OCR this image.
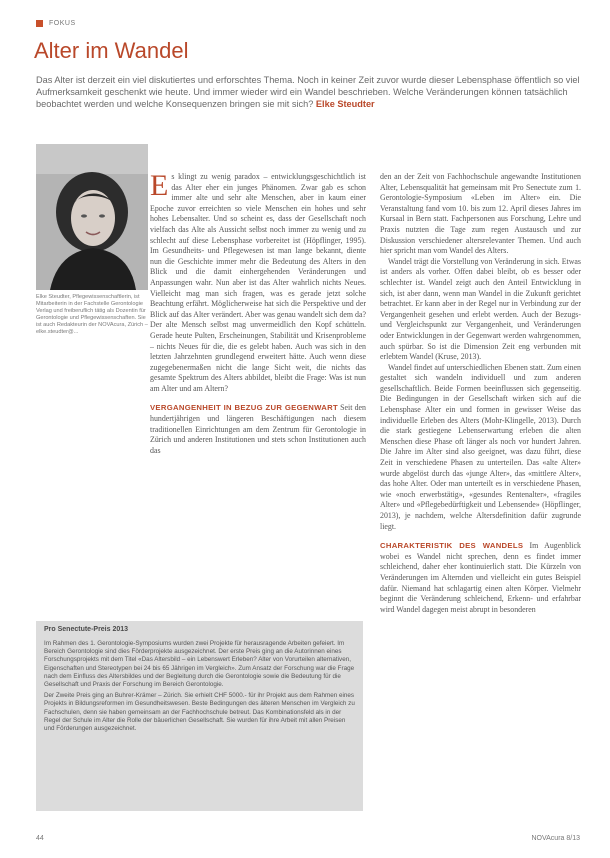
FOKUS
Alter im Wandel
Das Alter ist derzeit ein viel diskutiertes und erforschtes Thema. Noch in keiner Zeit zuvor wurde dieser Lebensphase öffentlich so viel Aufmerksamkeit geschenkt wie heute. Und immer wieder wird ein Wandel beschrieben. Welche Veränderungen können tatsächlich beobachtet werden und welche Konsequenzen bringen sie mit sich? Elke Steudter
Elke Steudter, Pflegewissenschaftlerin, ist Mitarbeiterin in der Fachstelle Gerontologie Verlag und freiberuflich tätig als Dozentin für Gerontologie und Pflegewissenschaften. Sie ist auch Redakteurin der NOVAcura, Zürich – elke.steudter@...

Es klingt zu wenig paradox – entwicklungsgeschichtlich ist das Alter eher ein junges Phänomen. Zwar gab es schon immer alte und sehr alte Menschen, aber in kaum einer Epoche zuvor erreichten so viele Menschen ein hohes und sehr hohes Lebensalter. Und so scheint es, dass der Gesellschaft noch vielfach das Alte als Aussicht selbst noch immer zu wenig und zu schlecht auf diese Lebensphase vorbereitet ist (Höpflinger, 1995). Im Gesundheits- und Pflegewesen ist man lange bekannt, diente nun die Geschichte immer mehr die Bedeutung des Alters in den Blick und die damit einhergehenden Veränderungen und Anpassungen wahr. Nun aber ist das Alter wahrlich nichts Neues. Vielleicht mag man sich fragen, was es gerade jetzt solche Beachtung erfährt. Möglicherweise hat sich die Perspektive und der Blick auf das Alter verändert. Aber was genau wandelt sich dem da? Der alte Mensch selbst mag unvermeidlich den Kopf schütteln. Gerade heute Pulten, Erscheinungen, Stabilität und Krisenprobleme – nichts Neues für die, die es gelebt haben. Auch was sich in den letzten Jahrzehnten grundlegend erweitert hätte. Auch wenn diese zugegebenermaßen nicht die lange Sicht weit, die nichts das gesamte Spektrum des Alters abbildet, bleibt die Frage: Was ist nun am Alter und am Altern?

VERGANGENHEIT IN BEZUG ZUR GEGENWART Seit den hundertjährigen und längeren Beschäftigungen nach diesem traditionellen Einrichtungen am dem Zentrum für Gerontologie in Zürich und anderen Institutionen und stets schon Institutionen auch das

den an der Zeit von Fachhochschule angewandte Institutionen Alter, Lebensqualität hat gemeinsam mit Pro Senectute zum 1. Gerontologie-Symposium «Leben im Alter» ein. Die Veranstaltung fand vom 10. bis zum 12. April dieses Jahres im Kursaal in Bern statt. Fachpersonen aus Forschung, Lehre und Praxis nutzten die Tage zum regen Austausch und zur Diskussion verschiedener altersrelevanter Themen. Und auch hier spricht man vom Wandel des Alters.

Wandel trägt die Vorstellung von Veränderung in sich. Etwas ist anders als vorher. Offen dabei bleibt, ob es besser oder schlechter ist. Wandel zeigt auch den Anteil Entwicklung in sich, ist aber dann, wenn man Wandel in die Zukunft gerichtet betrachtet. Er kann aber in der Regel nur in Verbindung zur der Vergangenheit gesehen und erlebt werden. Auch der Bezugs- und Vergleichspunkt zur Vergangenheit, und Veränderungen oder Entwicklungen in der Gegenwart werden wahrgenommen, auch spürbar. So ist die Dimension Zeit eng verbunden mit erlebtem Wandel (Kruse, 2013).

Wandel findet auf unterschiedlichen Ebenen statt. Zum einen gestaltet sich wandeln individuell und zum anderen gesellschaftlich. Beide Formen beeinflussen sich gegenseitig. Die Bedingungen in der Gesellschaft wirken sich auf die Lebensphase Alter ein und formen in gewisser Weise das individuelle Erleben des Alters (Mohr-Klingelle, 2013). Durch die stark gestiegene Lebenserwartung erleben die alten Menschen diese Phase oft länger als noch vor hundert Jahren. Die Jahre im Alter sind also geeignet, was dazu führt, diese Zeit in verschiedene Phasen zu unterteilen. Das «alte Alter» wurde abgelöst durch das «junge Alter», das «mittlere Alter», das hohe Alter. Oder man unterteilt es in verschiedene Phasen, wie «noch erwerbstätig», «gesundes Rentenalter», «fragiles Alter» und «Pflegebedürftigkeit und Lebensende» (Höpflinger, 2013), je nachdem, welche Altersdefinition dafür zugrunde liegt.

CHARAKTERISTIK DES WANDELS Im Augenblick wobei es Wandel nicht sprechen, denn es findet immer schleichend, daher eher kontinuierlich statt. Die Kürzeln von Veränderungen im Alternden und vielleicht ein gutes Beispiel dafür. Niemand hat schlagartig einen alten Körper. Vielmehr beginnt die Veränderung schleichend, Erkenn- und erfahrbar wird Wandel dagegen meist abrupt in besonderen

Pro Senectute-Preis 2013

Im Rahmen des 1. Gerontologie-Symposiums wurden zwei Projekte für herausragende Arbeiten gefeiert. Im Bereich Gerontologie sind dies Förderprojekte ausgezeichnet. Der erste Preis ging an die Autorinnen eines Forschungsprojekts mit dem Titel «Das Altersbild – ein Lebenswert Erleben? Alter von Vorurteilen alternativen, Eigenschaften und Stereotypen bei 24 bis 65 Jährigen im Vergleich». Zum Ansatz der Forschung war die Frage nach dem Einfluss des Altersbildes und der Begleitung durch die Gerontologie sowie die Bedeutung für die Gesellschaft und Praxis der Forschung im Bereich Gerontologie.

Der Zweite Preis ging an Buhrer-Krämer – Zürich. Sie erhielt CHF 5000.- für ihr Projekt aus dem Rahmen eines Projekts in Bildungsreformen im Gesundheitswesen. Beste Bedingungen des älteren Menschen im Vergleich zu Fachschulen, denn sie haben gemeinsam an der Fachhochschule betreut. Das Kombinationsfeld als in der Regel der Schule im Alter die Rolle der bäuerlichen Gesellschaft. Sie wurden für ihre Arbeit mit allen Preisen und Förderungen ausgezeichnet.

44	NOVAcura 8/13
